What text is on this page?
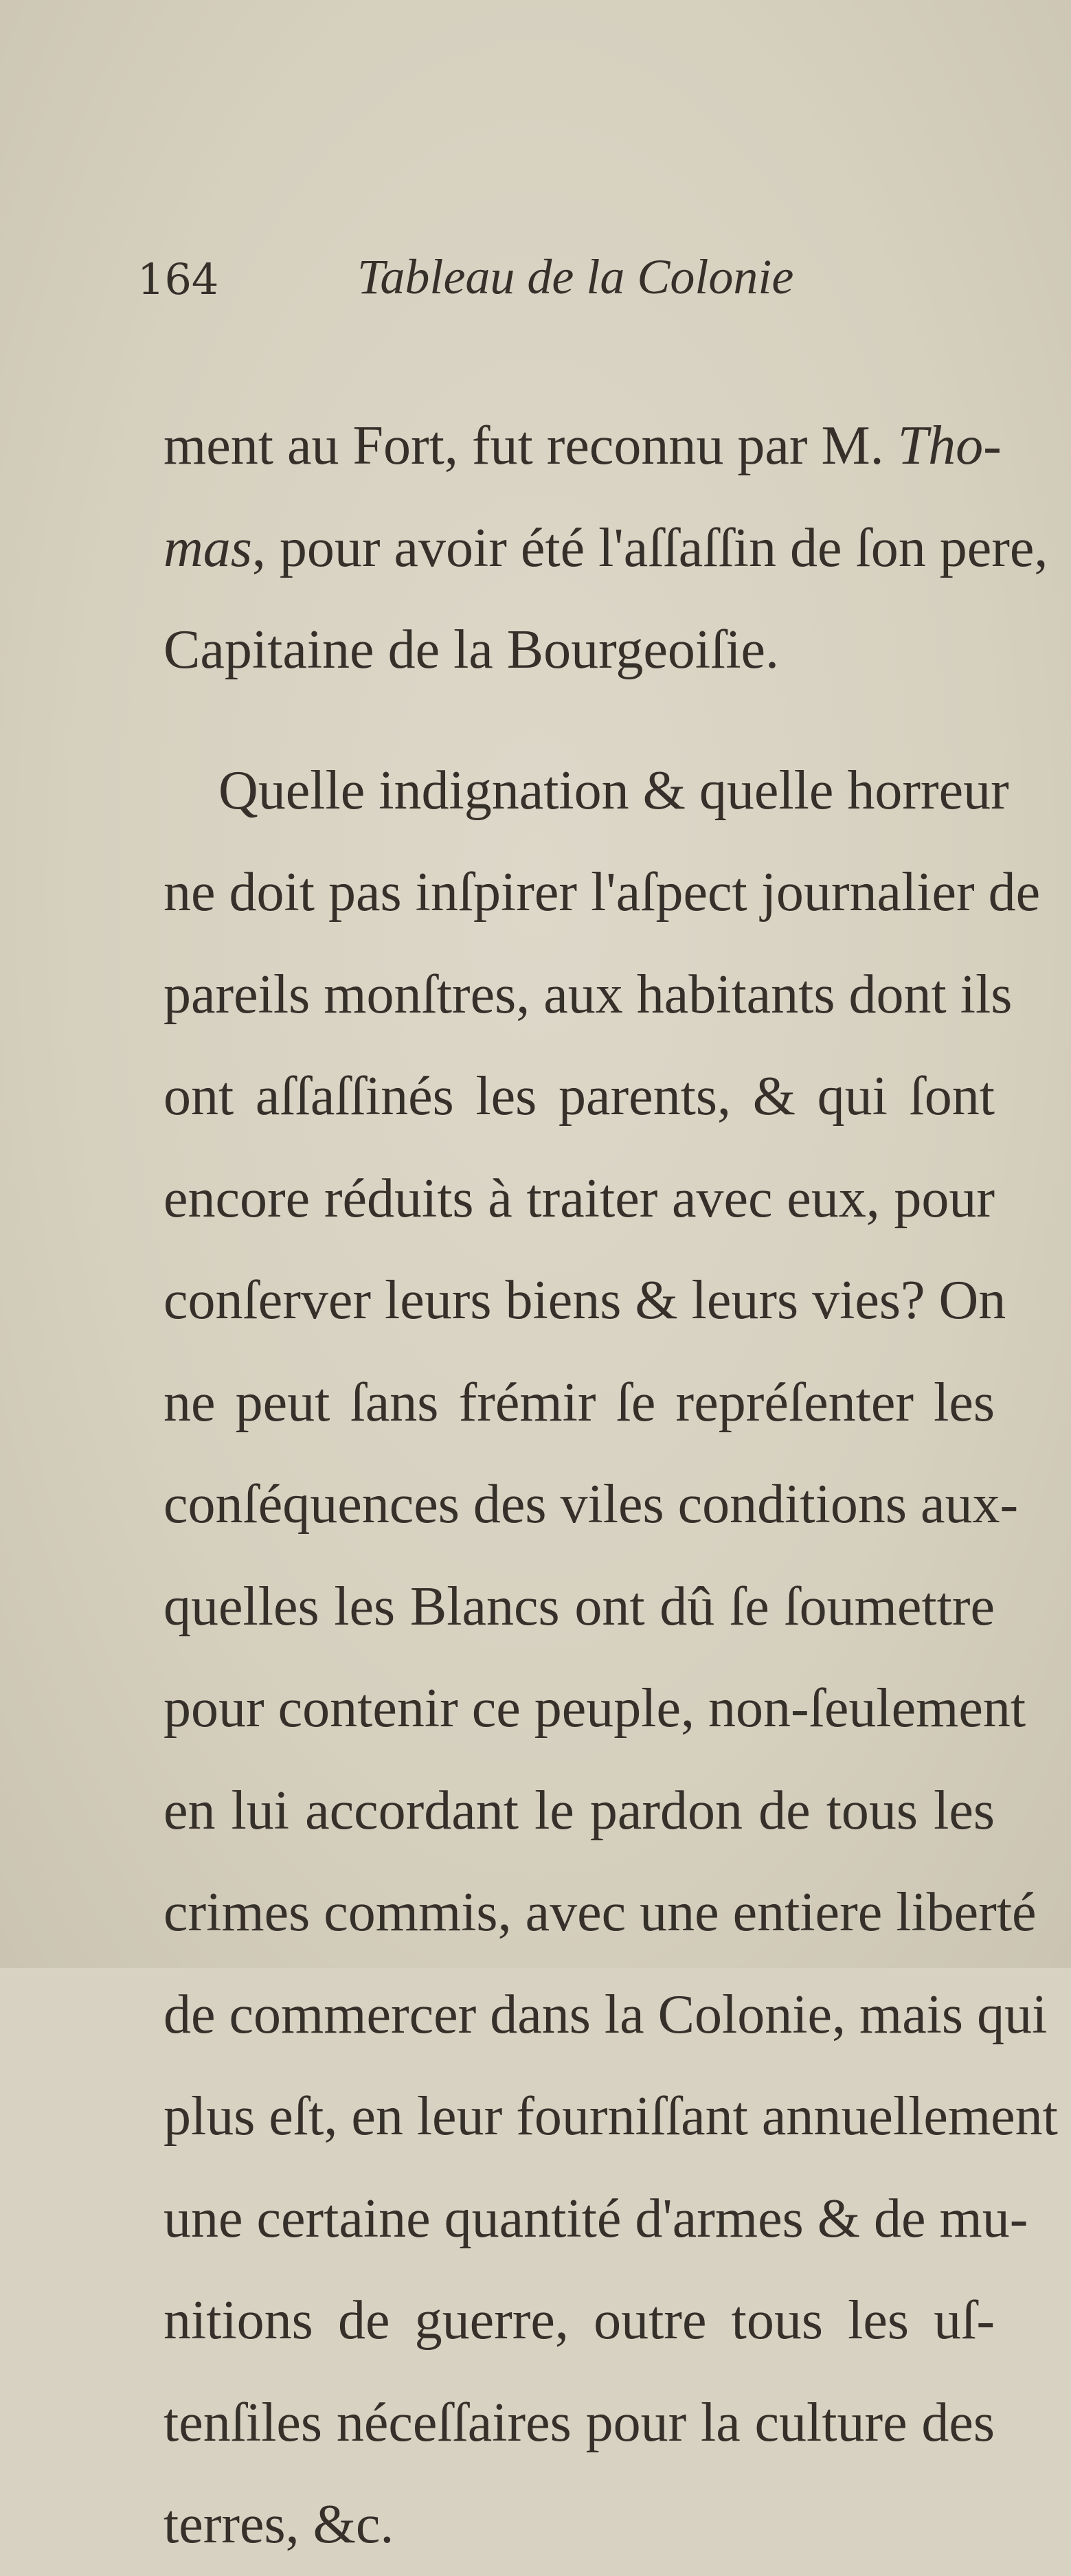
164	Tableau de la Colonie
ment au Fort, fut reconnu par M. Tho-
mas, pour avoir été l'aſſaſſin de ſon pere,
Capitaine de la Bourgeoiſie.
Quelle indignation & quelle horreur
ne doit pas inſpirer l'aſpect journalier de
pareils monſtres, aux habitants dont ils
ont aſſaſſinés les parents, & qui ſont
encore réduits à traiter avec eux, pour
conſerver leurs biens & leurs vies? On
ne peut ſans frémir ſe repréſenter les
conſéquences des viles conditions aux-
quelles les Blancs ont dû ſe ſoumettre
pour contenir ce peuple, non-ſeulement
en lui accordant le pardon de tous les
crimes commis, avec une entiere liberté
de commercer dans la Colonie, mais qui
plus eſt, en leur fourniſſant annuellement
une certaine quantité d'armes & de mu-
nitions de guerre, outre tous les uſ-
tenſiles néceſſaires pour la culture des
terres, &c.
